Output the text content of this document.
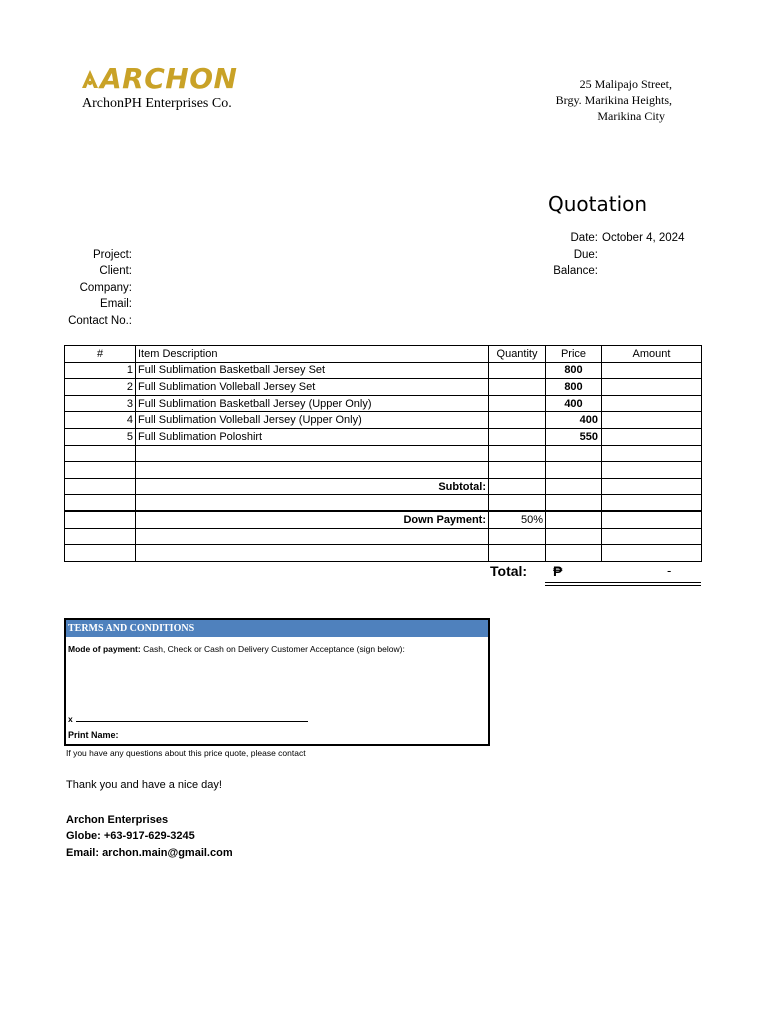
ARCHON
ArchonPH Enterprises Co.
25 Malipajo Street,
Brgy. Marikina Heights,
Marikina City
Quotation
Date: October 4, 2024
Due:
Balance:
Project:
Client:
Company:
Email:
Contact No.:
#	Item Description	Quantity	Price	Amount
1	Full Sublimation Basketball Jersey Set		800	
2	Full Sublimation Volleball Jersey Set		800	
3	Full Sublimation Basketball Jersey (Upper Only)		400	
4	Full Sublimation Volleball Jersey (Upper Only)		400	
5	Full Sublimation Poloshirt		550	

	Subtotal:			

	Down Payment:	50%		

Total: ₱	-
TERMS AND CONDITIONS
Mode of payment: Cash, Check or Cash on Delivery Customer Acceptance (sign below):
x
Print Name:
If you have any questions about this price quote, please contact
Thank you and have a nice day!
Archon Enterprises
Globe: +63-917-629-3245
Email: archon.main@gmail.com
